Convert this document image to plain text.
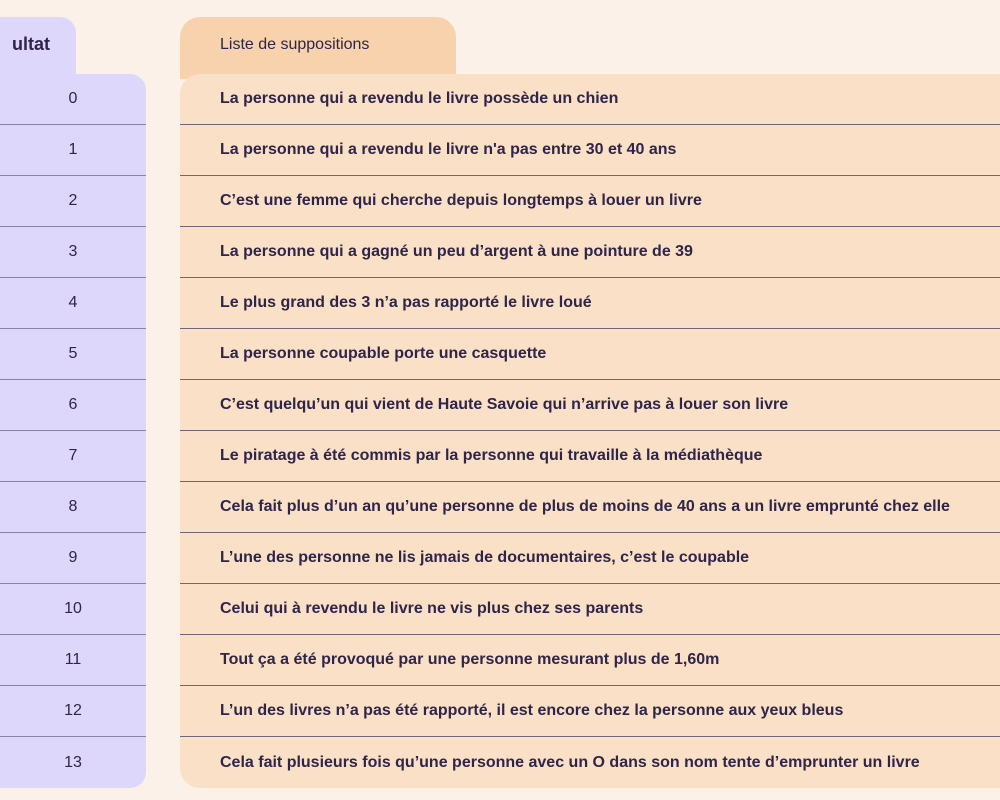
ultat
0
1
2
3
4
5
6
7
8
9
10
11
12
13
Liste de suppositions
La personne qui a revendu le livre possède un chien
La personne qui a revendu le livre n'a pas entre 30 et 40 ans
C’est une femme qui cherche depuis longtemps à louer un livre
La personne qui a gagné un peu d’argent à une pointure de 39
Le plus grand des 3 n’a pas rapporté le livre loué
La personne coupable porte une casquette
C’est quelqu’un qui vient de Haute Savoie qui n’arrive pas à louer son livre
Le piratage à été commis par la personne qui travaille à la médiathèque
Cela fait plus d’un an qu’une personne de plus de moins de 40 ans a un livre emprunté chez elle
L’une des personne ne lis jamais de documentaires, c’est le coupable
Celui qui à revendu le livre ne vis plus chez ses parents
Tout ça a été provoqué par une personne mesurant plus de 1,60m
L’un des livres n’a pas été rapporté, il est encore chez la personne aux yeux bleus
Cela fait plusieurs fois qu’une personne avec un O dans son nom tente d’emprunter un livre
